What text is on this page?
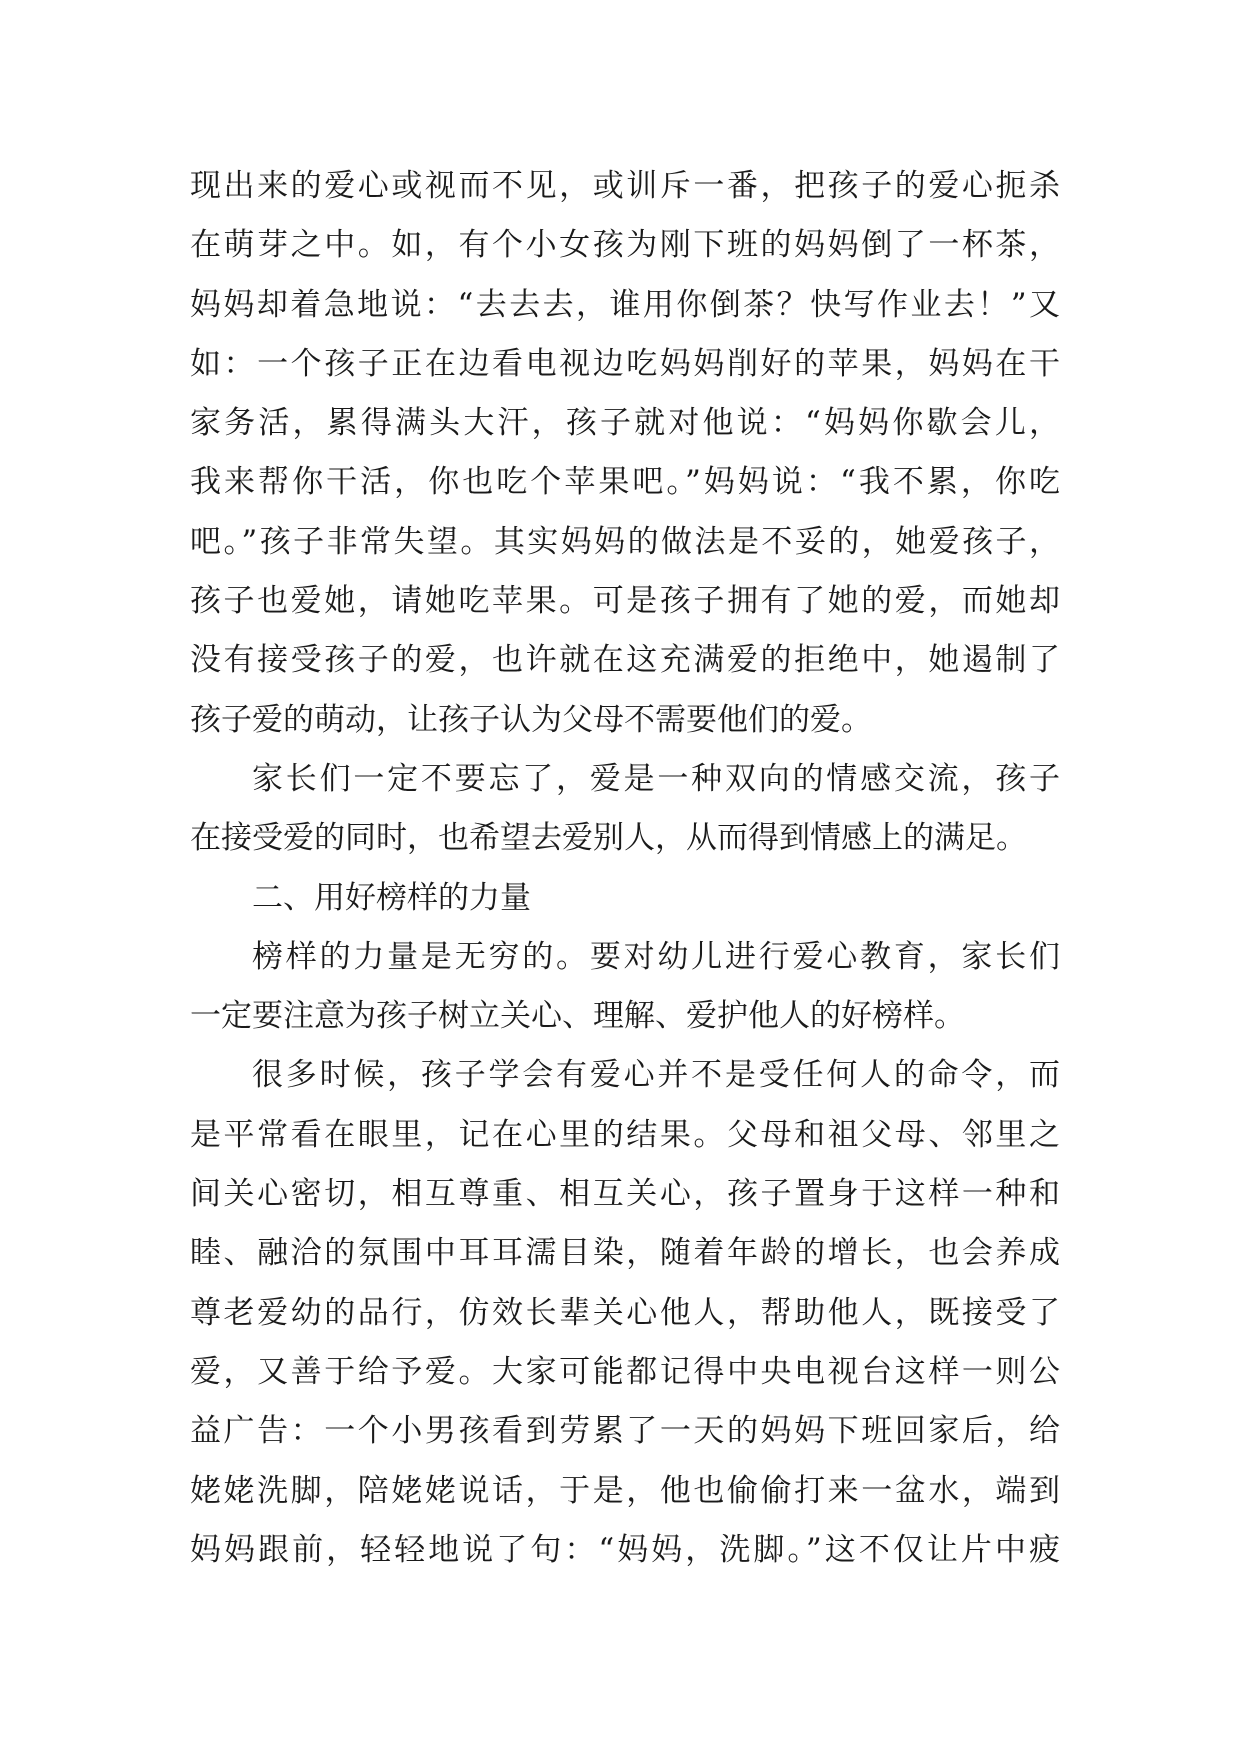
现出来的爱心或视而不见，或训斥一番，把孩子的爱心扼杀
在萌芽之中。如，有个小女孩为刚下班的妈妈倒了一杯茶，
妈妈却着急地说：“去去去，谁用你倒茶？快写作业去！”又
如：一个孩子正在边看电视边吃妈妈削好的苹果，妈妈在干
家务活，累得满头大汗，孩子就对他说：“妈妈你歇会儿，
我来帮你干活，你也吃个苹果吧。”妈妈说：“我不累，你吃
吧。”孩子非常失望。其实妈妈的做法是不妥的，她爱孩子，
孩子也爱她，请她吃苹果。可是孩子拥有了她的爱，而她却
没有接受孩子的爱，也许就在这充满爱的拒绝中，她遏制了
孩子爱的萌动，让孩子认为父母不需要他们的爱。
家长们一定不要忘了，爱是一种双向的情感交流，孩子
在接受爱的同时，也希望去爱别人，从而得到情感上的满足。
二、用好榜样的力量
榜样的力量是无穷的。要对幼儿进行爱心教育，家长们
一定要注意为孩子树立关心、理解、爱护他人的好榜样。
很多时候，孩子学会有爱心并不是受任何人的命令，而
是平常看在眼里，记在心里的结果。父母和祖父母、邻里之
间关心密切，相互尊重、相互关心，孩子置身于这样一种和
睦、融洽的氛围中耳耳濡目染，随着年龄的增长，也会养成
尊老爱幼的品行，仿效长辈关心他人，帮助他人，既接受了
爱，又善于给予爱。大家可能都记得中央电视台这样一则公
益广告：一个小男孩看到劳累了一天的妈妈下班回家后，给
姥姥洗脚，陪姥姥说话，于是，他也偷偷打来一盆水，端到
妈妈跟前，轻轻地说了句：“妈妈，洗脚。”这不仅让片中疲
